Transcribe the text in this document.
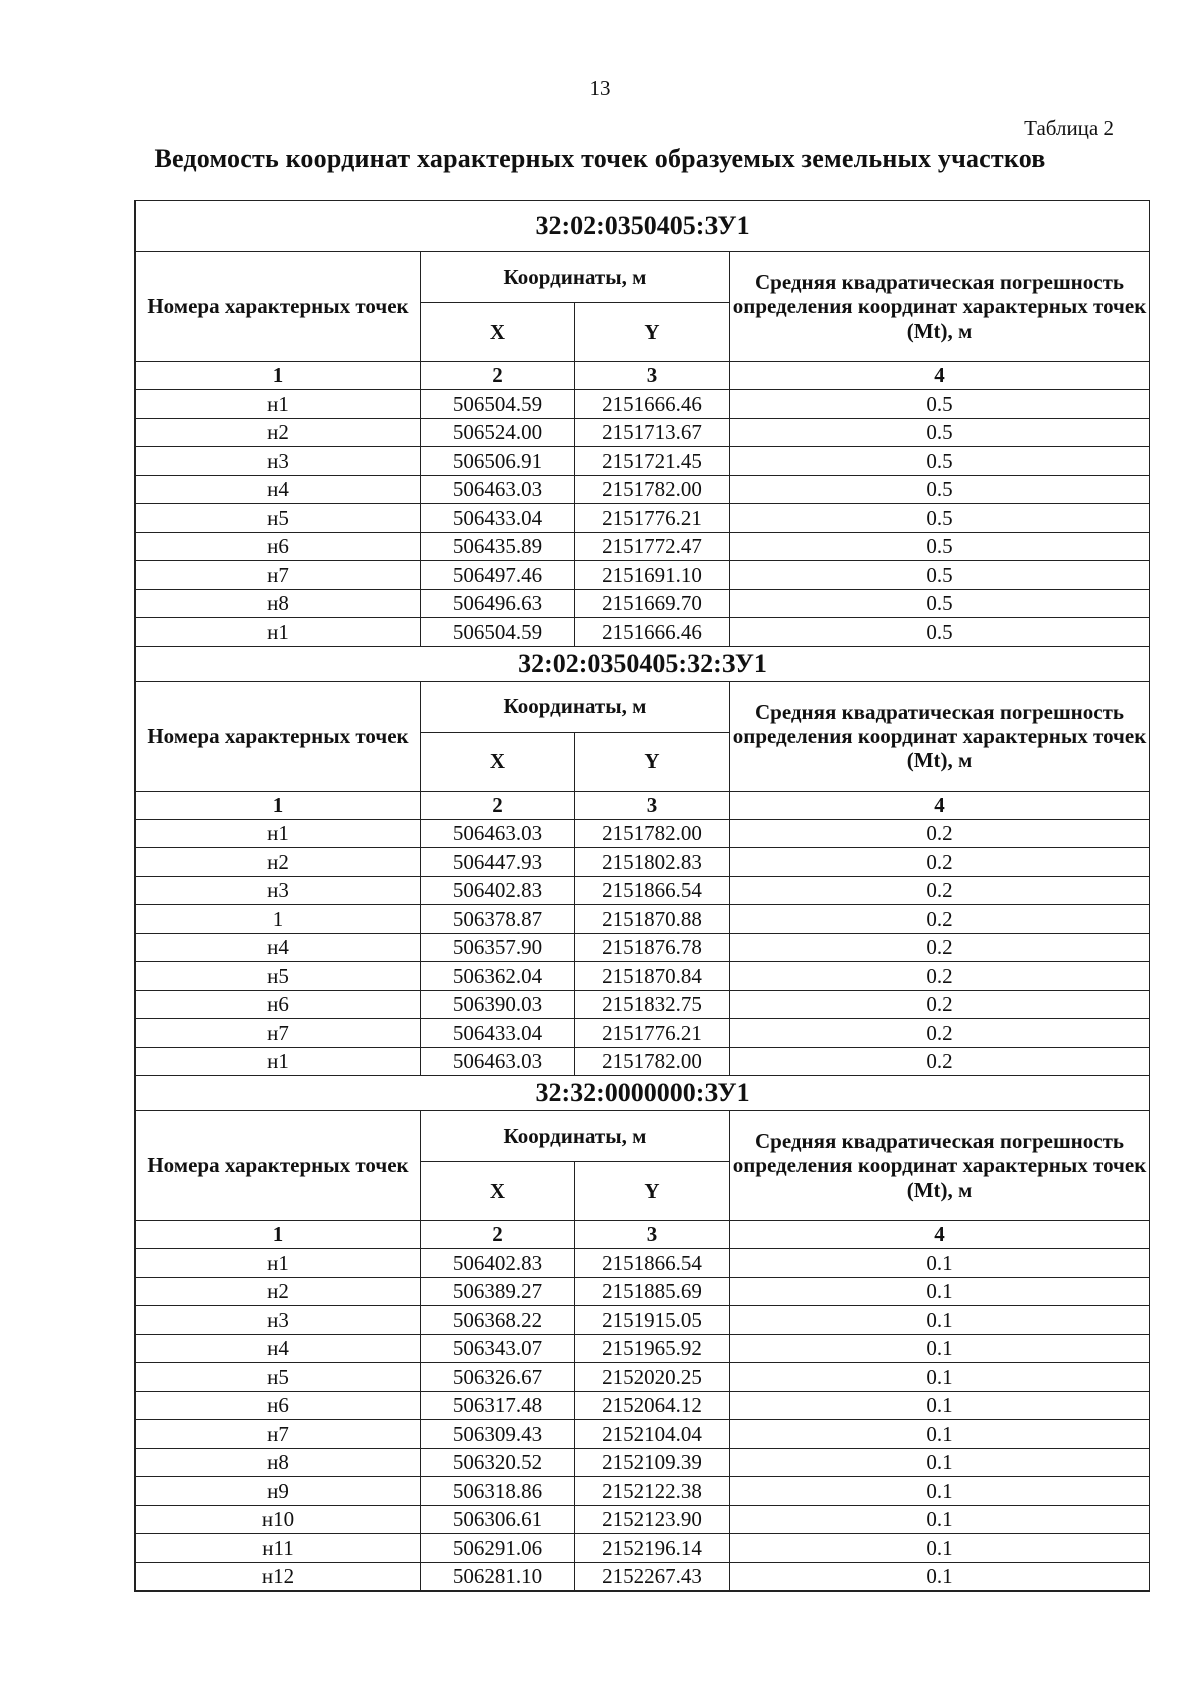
13
Таблица 2
Ведомость координат характерных точек образуемых земельных участков
32:02:0350405:ЗУ1			
Номера характерных точек	Координаты, м		Средняя квадратическая погрешность определения координат характерных точек (Mt), м
	X	Y	
1	2	3	4
н1	506504.59	2151666.46	0.5
н2	506524.00	2151713.67	0.5
н3	506506.91	2151721.45	0.5
н4	506463.03	2151782.00	0.5
н5	506433.04	2151776.21	0.5
н6	506435.89	2151772.47	0.5
н7	506497.46	2151691.10	0.5
н8	506496.63	2151669.70	0.5
н1	506504.59	2151666.46	0.5
32:02:0350405:32:ЗУ1			
Номера характерных точек	Координаты, м		Средняя квадратическая погрешность определения координат характерных точек (Mt), м
	X	Y	
1	2	3	4
н1	506463.03	2151782.00	0.2
н2	506447.93	2151802.83	0.2
н3	506402.83	2151866.54	0.2
1	506378.87	2151870.88	0.2
н4	506357.90	2151876.78	0.2
н5	506362.04	2151870.84	0.2
н6	506390.03	2151832.75	0.2
н7	506433.04	2151776.21	0.2
н1	506463.03	2151782.00	0.2
32:32:0000000:ЗУ1			
Номера характерных точек	Координаты, м		Средняя квадратическая погрешность определения координат характерных точек (Mt), м
	X	Y	
1	2	3	4
н1	506402.83	2151866.54	0.1
н2	506389.27	2151885.69	0.1
н3	506368.22	2151915.05	0.1
н4	506343.07	2151965.92	0.1
н5	506326.67	2152020.25	0.1
н6	506317.48	2152064.12	0.1
н7	506309.43	2152104.04	0.1
н8	506320.52	2152109.39	0.1
н9	506318.86	2152122.38	0.1
н10	506306.61	2152123.90	0.1
н11	506291.06	2152196.14	0.1
н12	506281.10	2152267.43	0.1
